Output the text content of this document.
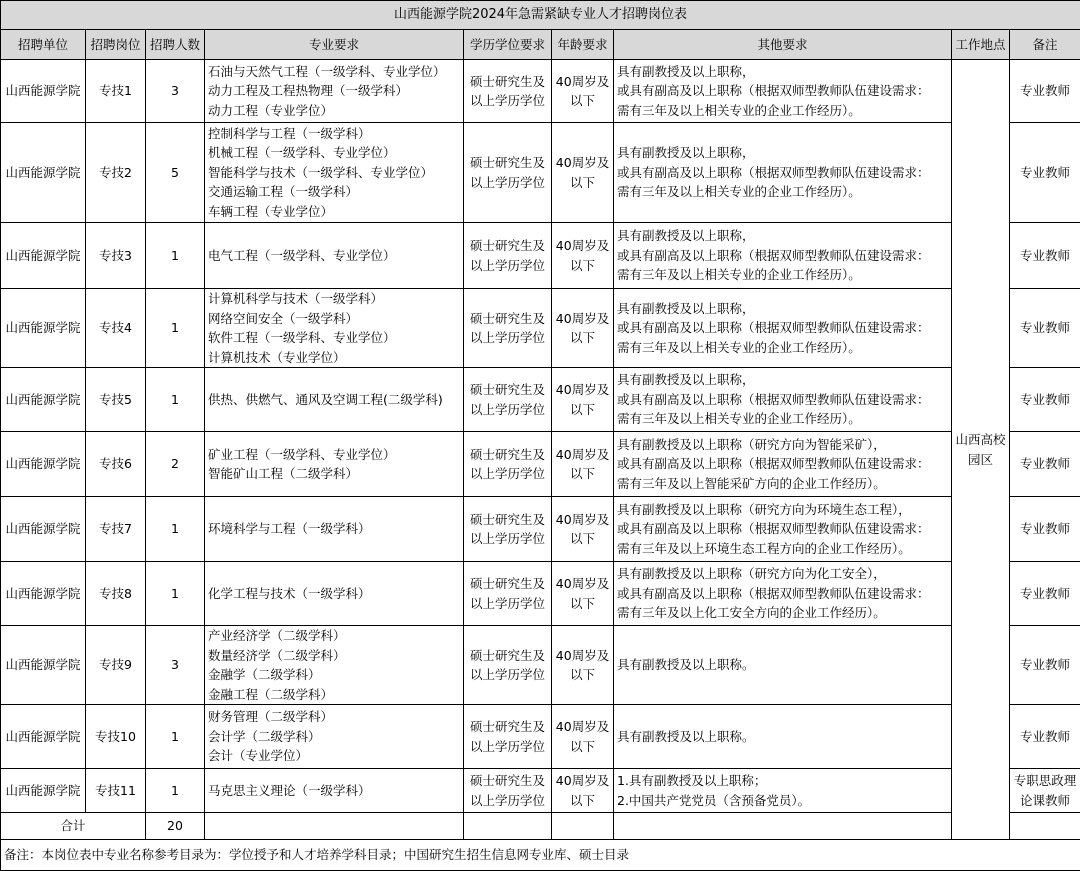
山西能源学院2024年急需紧缺专业人才招聘岗位表								
招聘单位	招聘岗位	招聘人数	专业要求	学历学位要求	年龄要求	其他要求	工作地点	备注
山西能源学院	专技1	3	石油与天然气工程（一级学科、专业学位）
动力工程及工程热物理（一级学科）
动力工程（专业学位）	硕士研究生及以上学历学位	40周岁及以下	具有副教授及以上职称，
或具有副高及以上职称（根据双师型教师队伍建设需求：
需有三年及以上相关专业的企业工作经历）。	山西高校园区	专业教师
山西能源学院	专技2	5	控制科学与工程（一级学科）
机械工程（一级学科、专业学位）
智能科学与技术（一级学科、专业学位）
交通运输工程（一级学科）
车辆工程（专业学位）	硕士研究生及以上学历学位	40周岁及以下	具有副教授及以上职称，
或具有副高及以上职称（根据双师型教师队伍建设需求：
需有三年及以上相关专业的企业工作经历）。		专业教师
山西能源学院	专技3	1	电气工程（一级学科、专业学位）	硕士研究生及以上学历学位	40周岁及以下	具有副教授及以上职称，
或具有副高及以上职称（根据双师型教师队伍建设需求：
需有三年及以上相关专业的企业工作经历）。		专业教师
山西能源学院	专技4	1	计算机科学与技术（一级学科）
网络空间安全（一级学科）
软件工程（一级学科、专业学位）
计算机技术（专业学位）	硕士研究生及以上学历学位	40周岁及以下	具有副教授及以上职称，
或具有副高及以上职称（根据双师型教师队伍建设需求：
需有三年及以上相关专业的企业工作经历）。		专业教师
山西能源学院	专技5	1	供热、供燃气、通风及空调工程(二级学科)	硕士研究生及以上学历学位	40周岁及以下	具有副教授及以上职称，
或具有副高及以上职称（根据双师型教师队伍建设需求：
需有三年及以上相关专业的企业工作经历）。		专业教师
山西能源学院	专技6	2	矿业工程（一级学科、专业学位）
智能矿山工程（二级学科）	硕士研究生及以上学历学位	40周岁及以下	具有副教授及以上职称（研究方向为智能采矿），
或具有副高及以上职称（根据双师型教师队伍建设需求：
需有三年及以上智能采矿方向的企业工作经历）。		专业教师
山西能源学院	专技7	1	环境科学与工程（一级学科）	硕士研究生及以上学历学位	40周岁及以下	具有副教授及以上职称（研究方向为环境生态工程），
或具有副高及以上职称（根据双师型教师队伍建设需求：
需有三年及以上环境生态工程方向的企业工作经历）。		专业教师
山西能源学院	专技8	1	化学工程与技术（一级学科）	硕士研究生及以上学历学位	40周岁及以下	具有副教授及以上职称（研究方向为化工安全），
或具有副高及以上职称（根据双师型教师队伍建设需求：
需有三年及以上化工安全方向的企业工作经历）。		专业教师
山西能源学院	专技9	3	产业经济学（二级学科）
数量经济学（二级学科）
金融学（二级学科）
金融工程（二级学科）	硕士研究生及以上学历学位	40周岁及以下	具有副教授及以上职称。		专业教师
山西能源学院	专技10	1	财务管理（二级学科）
会计学（二级学科）
会计（专业学位）	硕士研究生及以上学历学位	40周岁及以下	具有副教授及以上职称。		专业教师
山西能源学院	专技11	1	马克思主义理论（一级学科）	硕士研究生及以上学历学位	40周岁及以下	1.具有副教授及以上职称；
2.中国共产党党员（含预备党员）。		专职思政理论课教师
合计		20						
备注：本岗位表中专业名称参考目录为：学位授予和人才培养学科目录；中国研究生招生信息网专业库、硕士目录								
